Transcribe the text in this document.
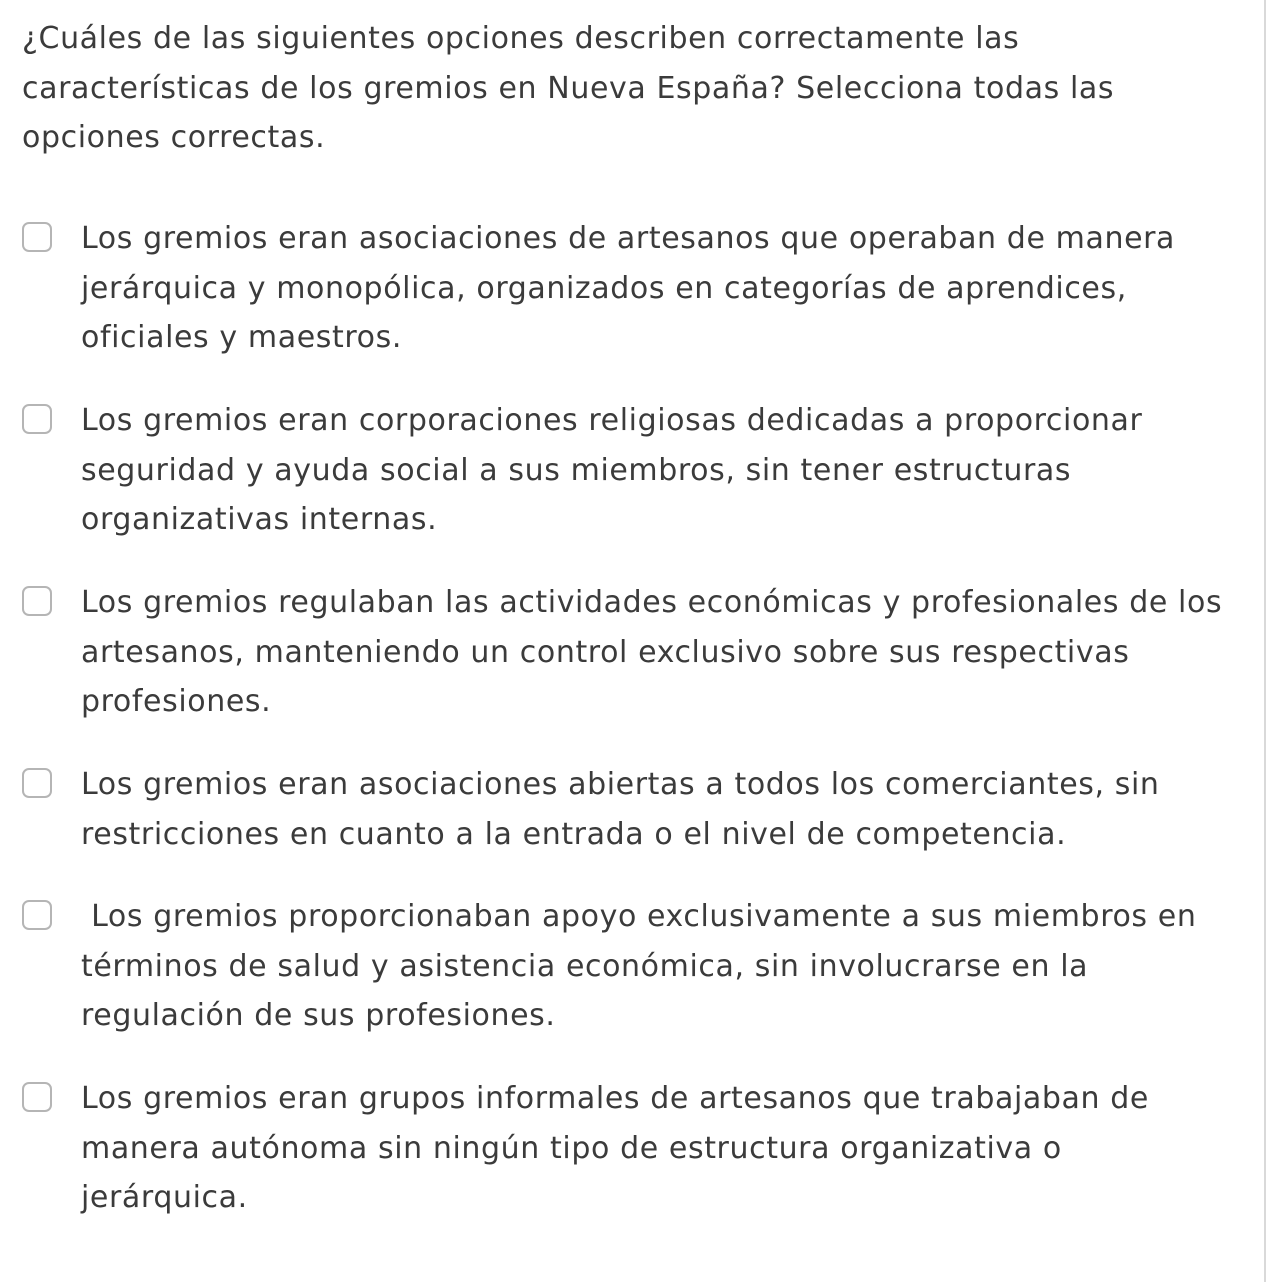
¿Cuáles de las siguientes opciones describen correctamente las características de los gremios en Nueva España? Selecciona todas las opciones correctas.

Los gremios eran asociaciones de artesanos que operaban de manera jerárquica y monopólica, organizados en categorías de aprendices, oficiales y maestros.
Los gremios eran corporaciones religiosas dedicadas a proporcionar seguridad y ayuda social a sus miembros, sin tener estructuras organizativas internas.
Los gremios regulaban las actividades económicas y profesionales de los artesanos, manteniendo un control exclusivo sobre sus respectivas profesiones.
Los gremios eran asociaciones abiertas a todos los comerciantes, sin restricciones en cuanto a la entrada o el nivel de competencia.
Los gremios proporcionaban apoyo exclusivamente a sus miembros en términos de salud y asistencia económica, sin involucrarse en la regulación de sus profesiones.
Los gremios eran grupos informales de artesanos que trabajaban de manera autónoma sin ningún tipo de estructura organizativa o jerárquica.
